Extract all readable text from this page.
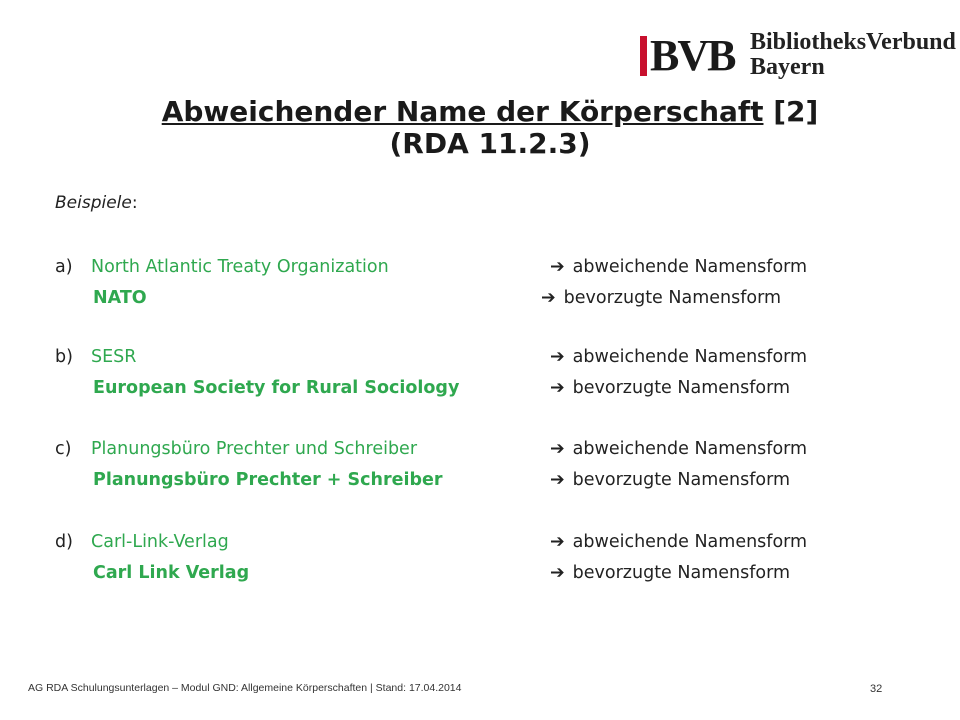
BVB BibliotheksVerbund
Bayern
Abweichender Name der Körperschaft [2]
(RDA 11.2.3)
Beispiele:
a) North Atlantic Treaty Organization	➔ abweichende Namensform
NATO	➔ bevorzugte Namensform
b) SESR	➔ abweichende Namensform
European Society for Rural Sociology	➔ bevorzugte Namensform
c) Planungsbüro Prechter und Schreiber	➔ abweichende Namensform
Planungsbüro Prechter + Schreiber	➔ bevorzugte Namensform
d) Carl-Link-Verlag	➔ abweichende Namensform
Carl Link Verlag	➔ bevorzugte Namensform
AG RDA Schulungsunterlagen – Modul GND: Allgemeine Körperschaften | Stand: 17.04.2014	32
